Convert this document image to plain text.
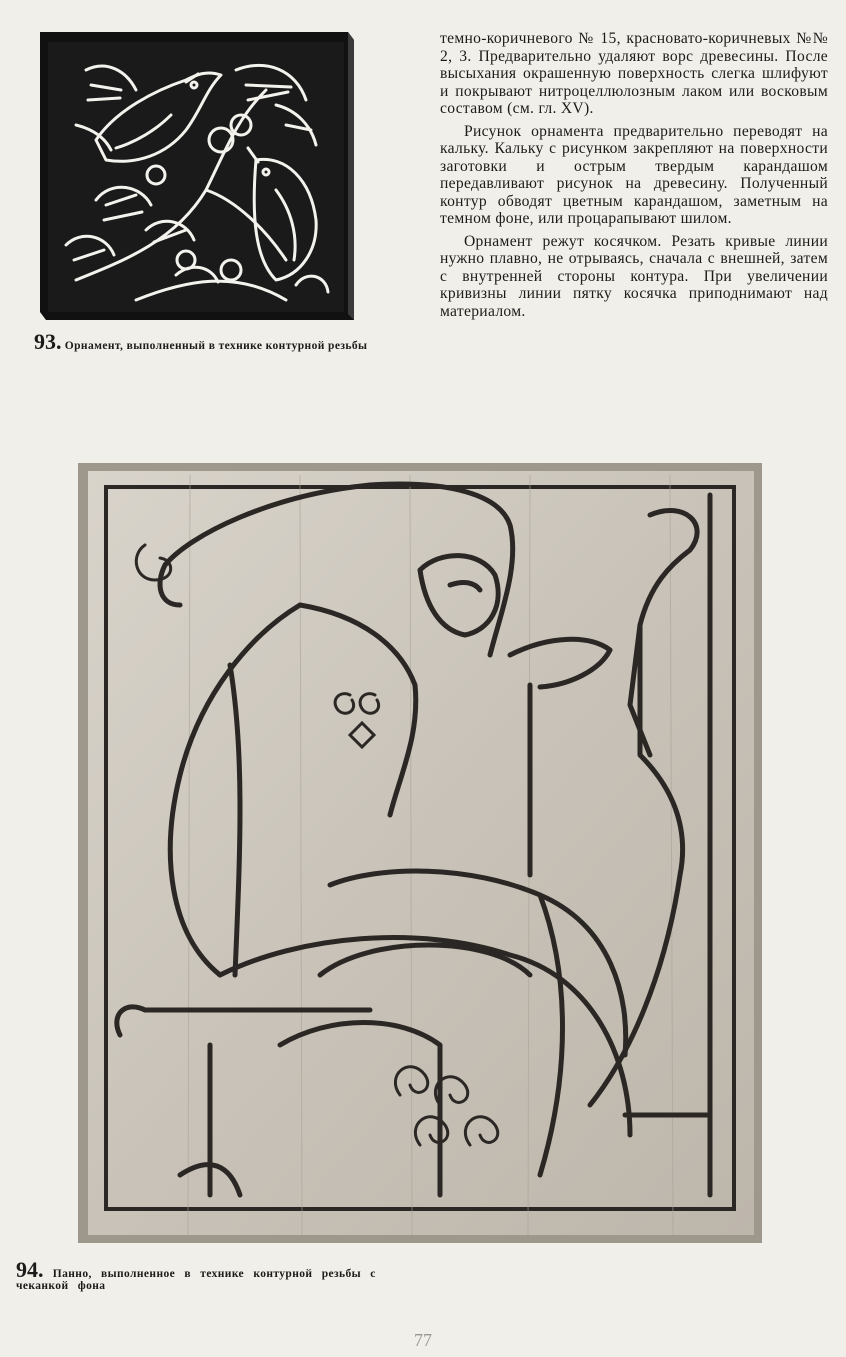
93. Орнамент, выполненный в технике контурной резьбы

темно-коричневого № 15, красновато-коричневых №№ 2, 3. Предварительно удаляют ворс древесины. После высыхания окрашенную поверхность слегка шлифуют и покрывают нитроцеллюлозным лаком или восковым составом (см. гл. XV).

Рисунок орнамента предварительно переводят на кальку. Кальку с рисунком закрепляют на поверхности заготовки и острым твердым карандашом передавливают рисунок на древесину. Полученный контур обводят цветным карандашом, заметным на темном фоне, или процарапывают шилом.

Орнамент режут косячком. Резать кривые линии нужно плавно, не отрываясь, сначала с внешней, затем с внутренней стороны контура. При увеличении кривизны линии пятку косячка приподнимают над материалом.

94. Панно, выполненное в технике контурной резьбы с чеканкой фона
77
